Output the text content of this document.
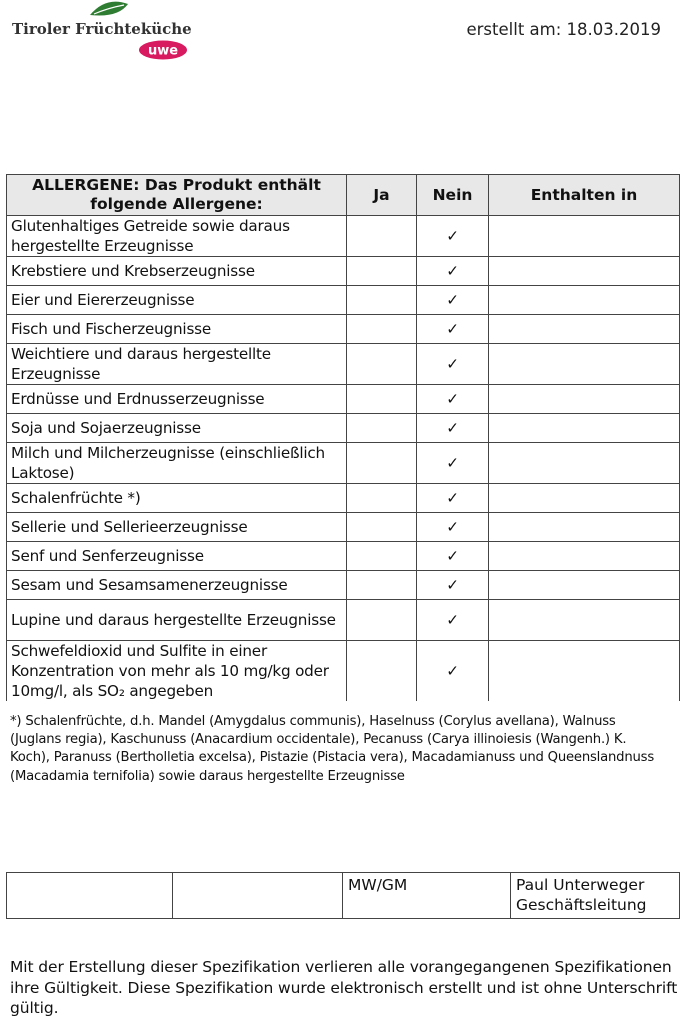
Tiroler Früchteküche
uwe
erstellt am: 18.03.2019
ALLERGENE: Das Produkt enthält folgende Allergene:	Ja	Nein	Enthalten in
Glutenhaltiges Getreide sowie daraus hergestellte Erzeugnisse		✓	
Krebstiere und Krebserzeugnisse		✓	
Eier und Eiererzeugnisse		✓	
Fisch und Fischerzeugnisse		✓	
Weichtiere und daraus hergestellte Erzeugnisse		✓	
Erdnüsse und Erdnusserzeugnisse		✓	
Soja und Sojaerzeugnisse		✓	
Milch und Milcherzeugnisse (einschließlich Laktose)		✓	
Schalenfrüchte *)		✓	
Sellerie und Sellerieerzeugnisse		✓	
Senf und Senferzeugnisse		✓	
Sesam und Sesamsamenerzeugnisse		✓	
Lupine und daraus hergestellte Erzeugnisse		✓	
Schwefeldioxid und Sulfite in einer Konzentration von mehr als 10 mg/kg oder 10mg/l, als SO₂ angegeben		✓	
*) Schalenfrüchte, d.h. Mandel (Amygdalus communis), Haselnuss (Corylus avellana), Walnuss (Juglans regia), Kaschunuss (Anacardium occidentale), Pecanuss (Carya illinoiesis (Wangenh.) K. Koch), Paranuss (Bertholletia excelsa), Pistazie (Pistacia vera), Macadamianuss und Queenslandnuss (Macadamia ternifolia) sowie daraus hergestellte Erzeugnisse
		MW/GM	Paul Unterweger Geschäftsleitung
Mit der Erstellung dieser Spezifikation verlieren alle vorangegangenen Spezifikationen ihre Gültigkeit. Diese Spezifikation wurde elektronisch erstellt und ist ohne Unterschrift gültig.
